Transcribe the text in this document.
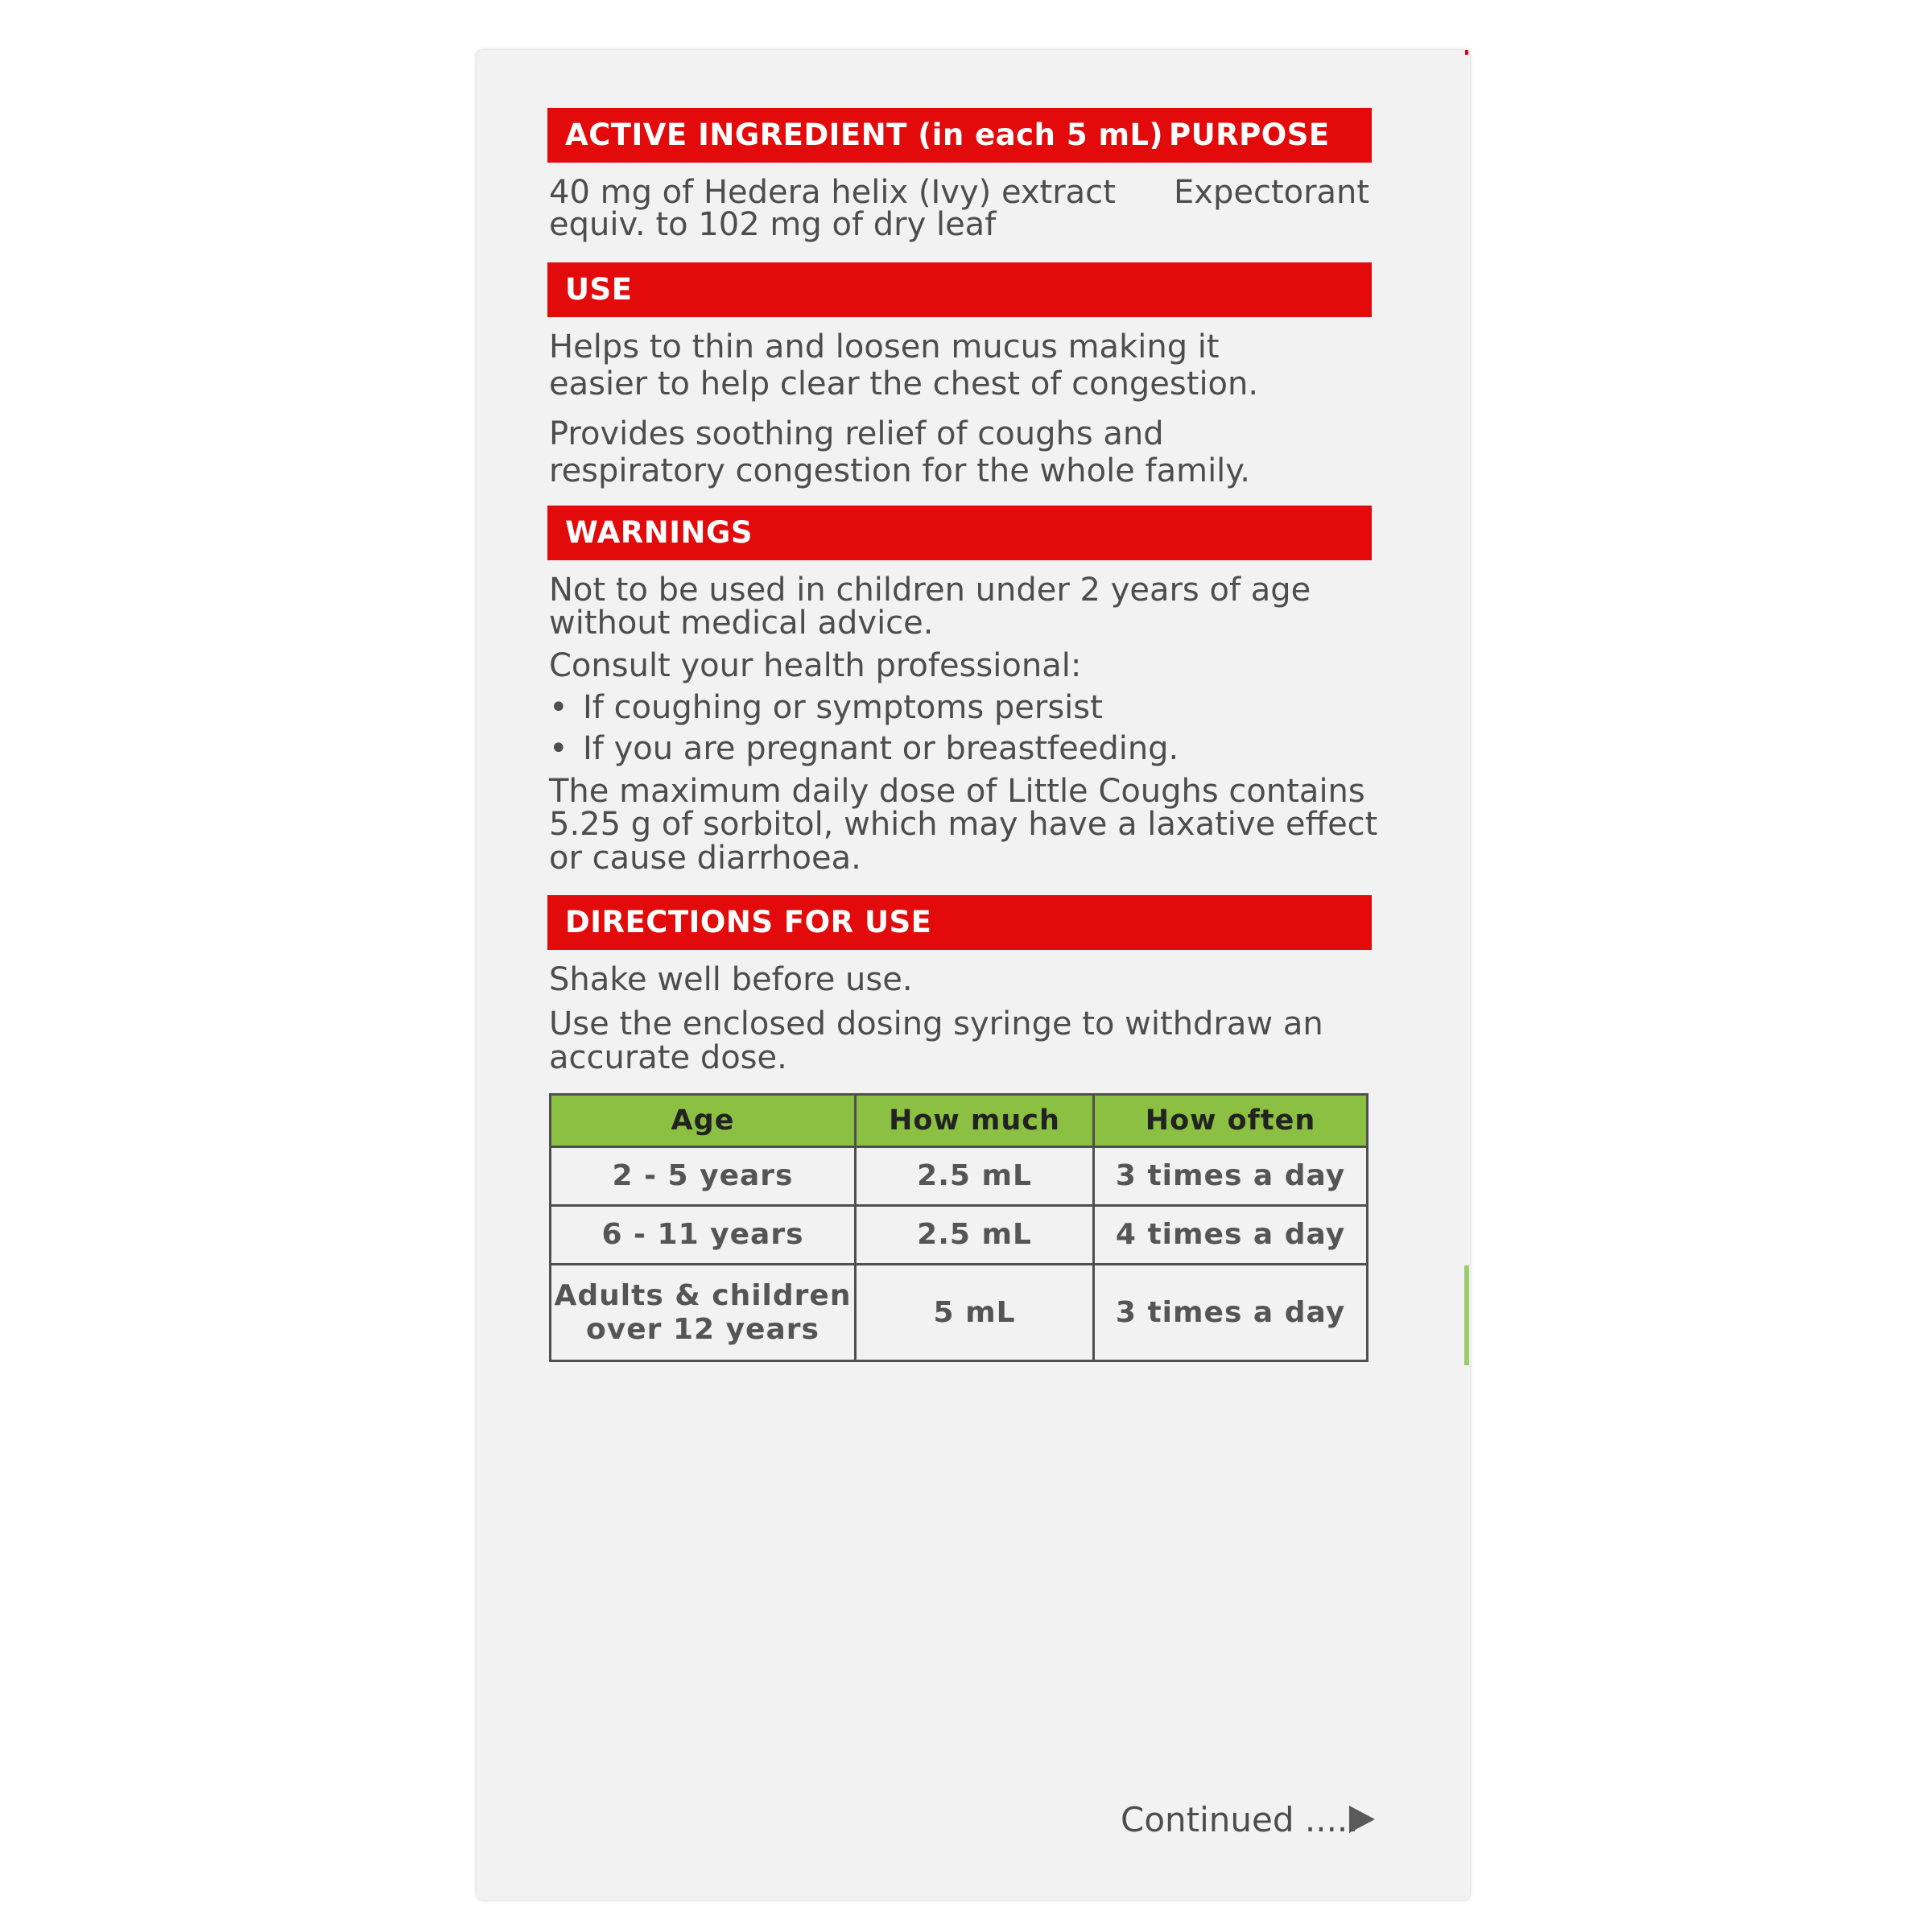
ACTIVE INGREDIENT (in each 5 mL) PURPOSE
40 mg of Hedera helix (Ivy) extract
equiv. to 102 mg of dry leaf
Expectorant
USE
Helps to thin and loosen mucus making it
easier to help clear the chest of congestion.
Provides soothing relief of coughs and
respiratory congestion for the whole family.
WARNINGS
Not to be used in children under 2 years of age
without medical advice.
Consult your health professional:
• If coughing or symptoms persist
• If you are pregnant or breastfeeding.
The maximum daily dose of Little Coughs contains
5.25 g of sorbitol, which may have a laxative effect
or cause diarrhoea.
DIRECTIONS FOR USE
Shake well before use.
Use the enclosed dosing syringe to withdraw an
accurate dose.
Age	How much	How often
2 - 5 years	2.5 mL	3 times a day
6 - 11 years	2.5 mL	4 times a day

Adults & children
over 12 years	5 mL	3 times a day
Continued .....
